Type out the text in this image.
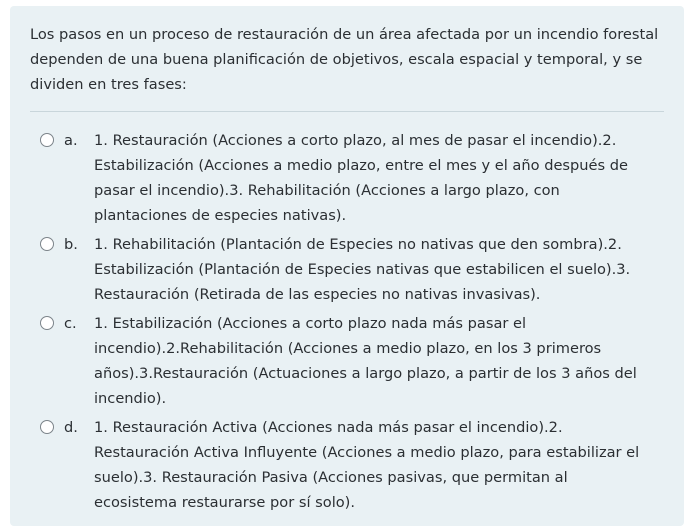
Los pasos en un proceso de restauración de un área afectada por un incendio forestal dependen de una buena planificación de objetivos, escala espacial y temporal, y se dividen en tres fases:

a.	1. Restauración (Acciones a corto plazo, al mes de pasar el incendio).2. Estabilización (Acciones a medio plazo, entre el mes y el año después de pasar el incendio).3. Rehabilitación (Acciones a largo plazo, con plantaciones de especies nativas).
b.	1. Rehabilitación (Plantación de Especies no nativas que den sombra).2. Estabilización (Plantación de Especies nativas que estabilicen el suelo).3. Restauración (Retirada de las especies no nativas invasivas).
c.	1. Estabilización (Acciones a corto plazo nada más pasar el incendio).2.Rehabilitación (Acciones a medio plazo, en los 3 primeros años).3.Restauración (Actuaciones a largo plazo, a partir de los 3 años del incendio).
d.	1. Restauración Activa (Acciones nada más pasar el incendio).2. Restauración Activa Influyente (Acciones a medio plazo, para estabilizar el suelo).3. Restauración Pasiva (Acciones pasivas, que permitan al ecosistema restaurarse por sí solo).
